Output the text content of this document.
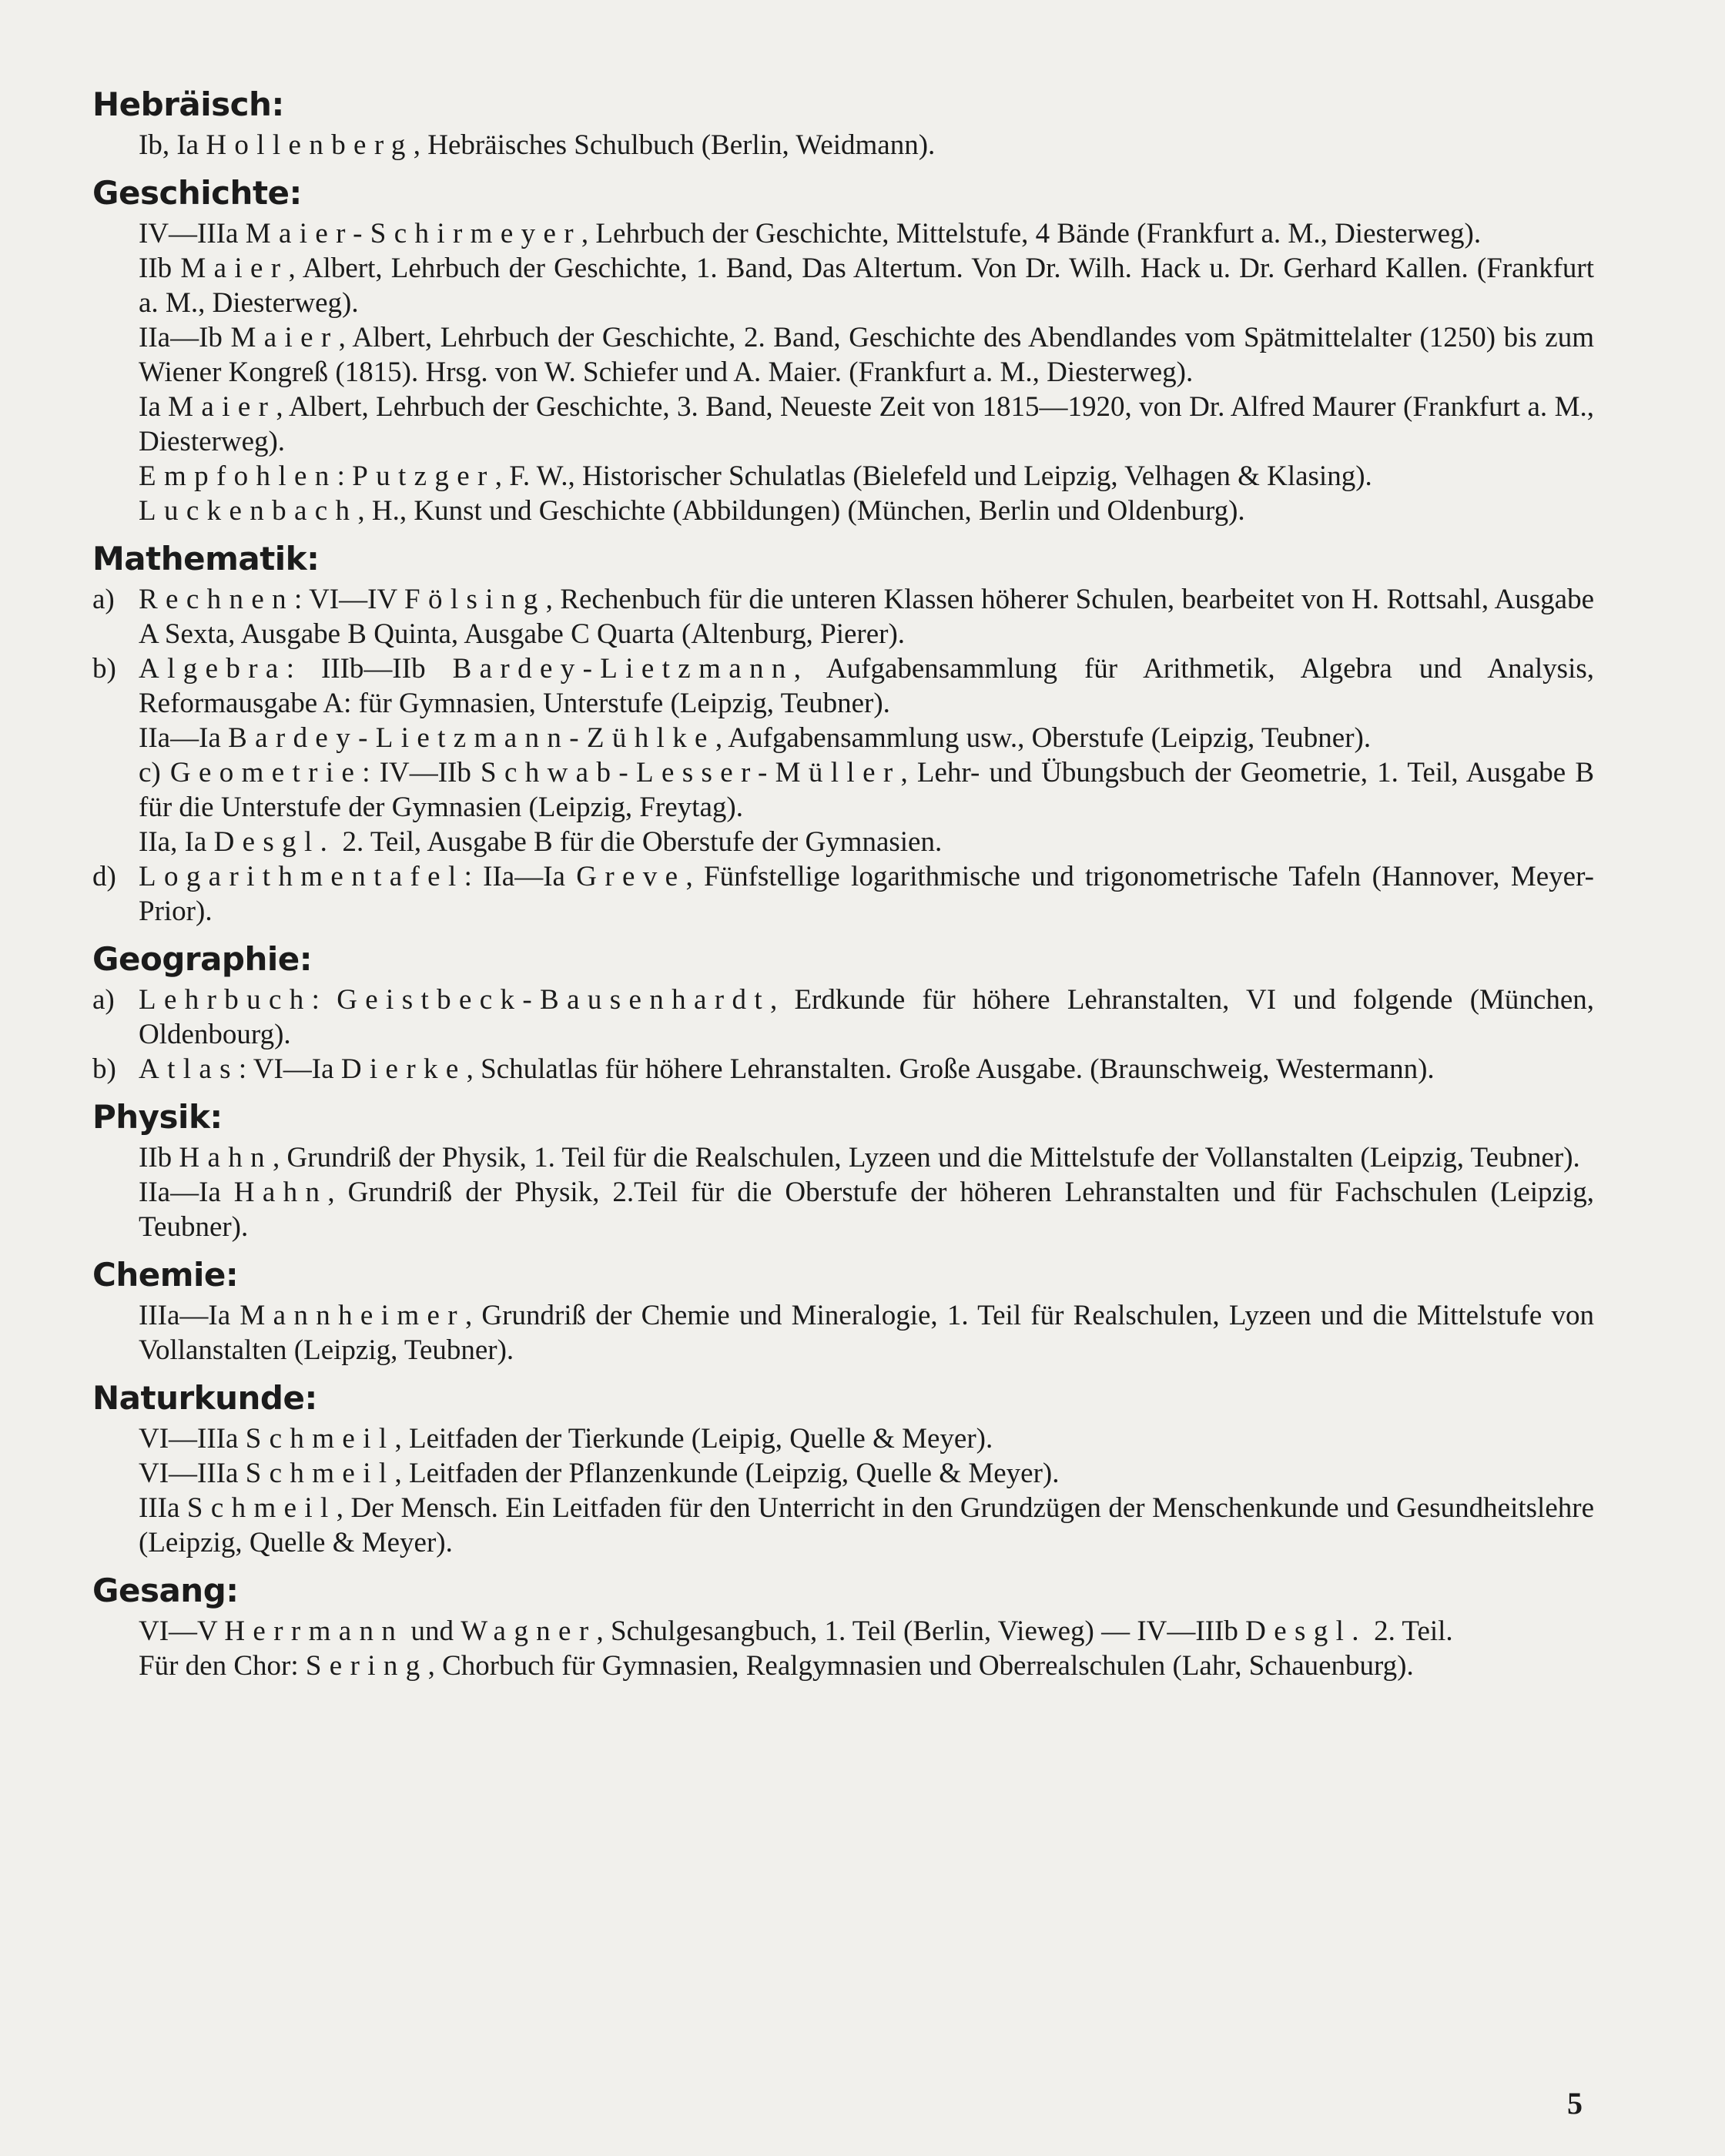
Hebräisch:
Ib, Ia Hollenberg, Hebräisches Schulbuch (Berlin, Weidmann).
Geschichte:
IV—IIIa Maier-Schirmeyer, Lehrbuch der Geschichte, Mittelstufe, 4 Bände (Frankfurt a. M., Diesterweg).
IIb Maier, Albert, Lehrbuch der Geschichte, 1. Band, Das Altertum. Von Dr. Wilh. Hack u. Dr. Gerhard Kallen. (Frankfurt a. M., Diesterweg).
IIa—Ib Maier, Albert, Lehrbuch der Geschichte, 2. Band, Geschichte des Abendlandes vom Spätmittelalter (1250) bis zum Wiener Kongreß (1815). Hrsg. von W. Schiefer und A. Maier. (Frankfurt a. M., Diesterweg).
Ia Maier, Albert, Lehrbuch der Geschichte, 3. Band, Neueste Zeit von 1815—1920, von Dr. Alfred Maurer (Frankfurt a. M., Diesterweg).
Empfohlen: Putzger, F. W., Historischer Schulatlas (Bielefeld und Leipzig, Velhagen & Klasing).
Luckenbach, H., Kunst und Geschichte (Abbildungen) (München, Berlin und Oldenburg).
Mathematik:
a) Rechnen: VI—IV Fölsing, Rechenbuch für die unteren Klassen höherer Schulen, bearbeitet von H. Rottsahl, Ausgabe A Sexta, Ausgabe B Quinta, Ausgabe C Quarta (Altenburg, Pierer).
b) Algebra: IIIb—IIb Bardey-Lietzmann, Aufgabensammlung für Arithmetik, Algebra und Analysis, Reformausgabe A: für Gymnasien, Unterstufe (Leipzig, Teubner).
IIa—Ia Bardey-Lietzmann-Zühlke, Aufgabensammlung usw., Oberstufe (Leipzig, Teubner).
c) Geometrie: IV—IIb Schwab-Lesser-Müller, Lehr- und Übungsbuch der Geometrie, 1. Teil, Ausgabe B für die Unterstufe der Gymnasien (Leipzig, Freytag).
IIa, Ia Desgl. 2. Teil, Ausgabe B für die Oberstufe der Gymnasien.
d) Logarithmentafel: IIa—Ia Greve, Fünfstellige logarithmische und trigonometrische Tafeln (Hannover, Meyer-Prior).
Geographie:
a) Lehrbuch: Geistbeck-Bausenhardt, Erdkunde für höhere Lehranstalten, VI und folgende (München, Oldenbourg).
b) Atlas: VI—Ia Dierke, Schulatlas für höhere Lehranstalten. Große Ausgabe. (Braunschweig, Westermann).
Physik:
IIb Hahn, Grundriß der Physik, 1. Teil für die Realschulen, Lyzeen und die Mittelstufe der Vollanstalten (Leipzig, Teubner).
IIa—Ia Hahn, Grundriß der Physik, 2.Teil für die Oberstufe der höheren Lehranstalten und für Fachschulen (Leipzig, Teubner).
Chemie:
IIIa—Ia Mannheimer, Grundriß der Chemie und Mineralogie, 1. Teil für Realschulen, Lyzeen und die Mittelstufe von Vollanstalten (Leipzig, Teubner).
Naturkunde:
VI—IIIa Schmeil, Leitfaden der Tierkunde (Leipig, Quelle & Meyer).
VI—IIIa Schmeil, Leitfaden der Pflanzenkunde (Leipzig, Quelle & Meyer).
IIIa Schmeil, Der Mensch. Ein Leitfaden für den Unterricht in den Grundzügen der Menschenkunde und Gesundheitslehre (Leipzig, Quelle & Meyer).
Gesang:
VI—V Herrmann und Wagner, Schulgesangbuch, 1. Teil (Berlin, Vieweg) — IV—IIIb Desgl. 2. Teil.
Für den Chor: Sering, Chorbuch für Gymnasien, Realgymnasien und Oberrealschulen (Lahr, Schauenburg).
5
